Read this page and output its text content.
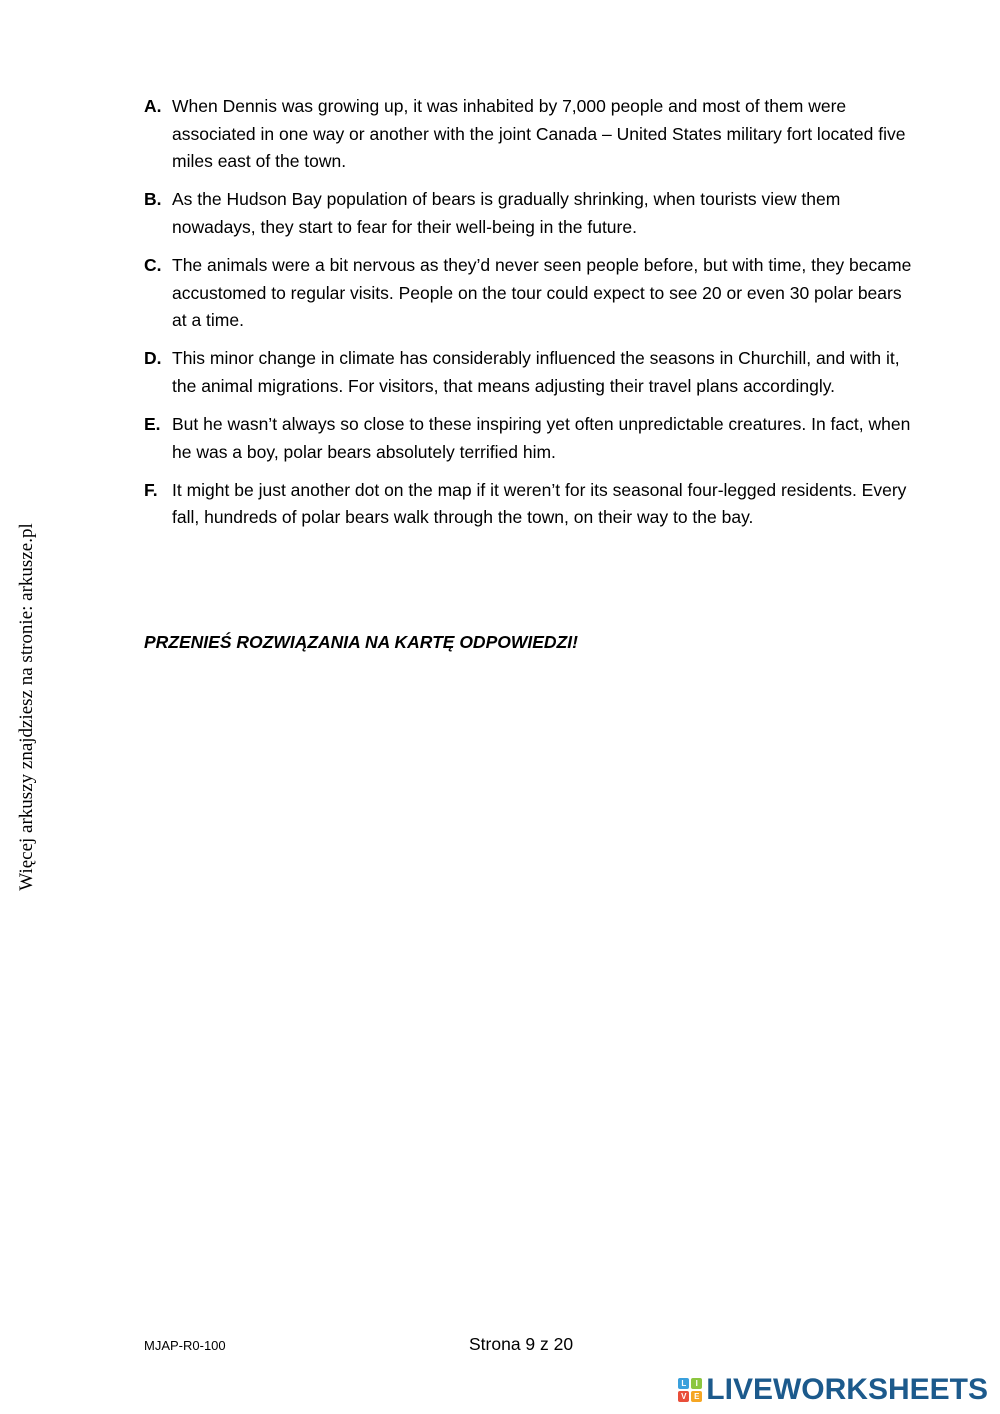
Więcej arkuszy znajdziesz na stronie: arkusze.pl
A. When Dennis was growing up, it was inhabited by 7,000 people and most of them were associated in one way or another with the joint Canada – United States military fort located five miles east of the town.
B. As the Hudson Bay population of bears is gradually shrinking, when tourists view them nowadays, they start to fear for their well-being in the future.
C. The animals were a bit nervous as they’d never seen people before, but with time, they became accustomed to regular visits. People on the tour could expect to see 20 or even 30 polar bears at a time.
D. This minor change in climate has considerably influenced the seasons in Churchill, and with it, the animal migrations. For visitors, that means adjusting their travel plans accordingly.
E. But he wasn’t always so close to these inspiring yet often unpredictable creatures. In fact, when he was a boy, polar bears absolutely terrified him.
F. It might be just another dot on the map if it weren’t for its seasonal four-legged residents. Every fall, hundreds of polar bears walk through the town, on their way to the bay.
PRZENIEŚ ROZWIĄZANIA NA KARTĘ ODPOWIEDZI!
MJAP-R0-100	Strona 9 z 20
L	I
V E LIVEWORKSHEETS
